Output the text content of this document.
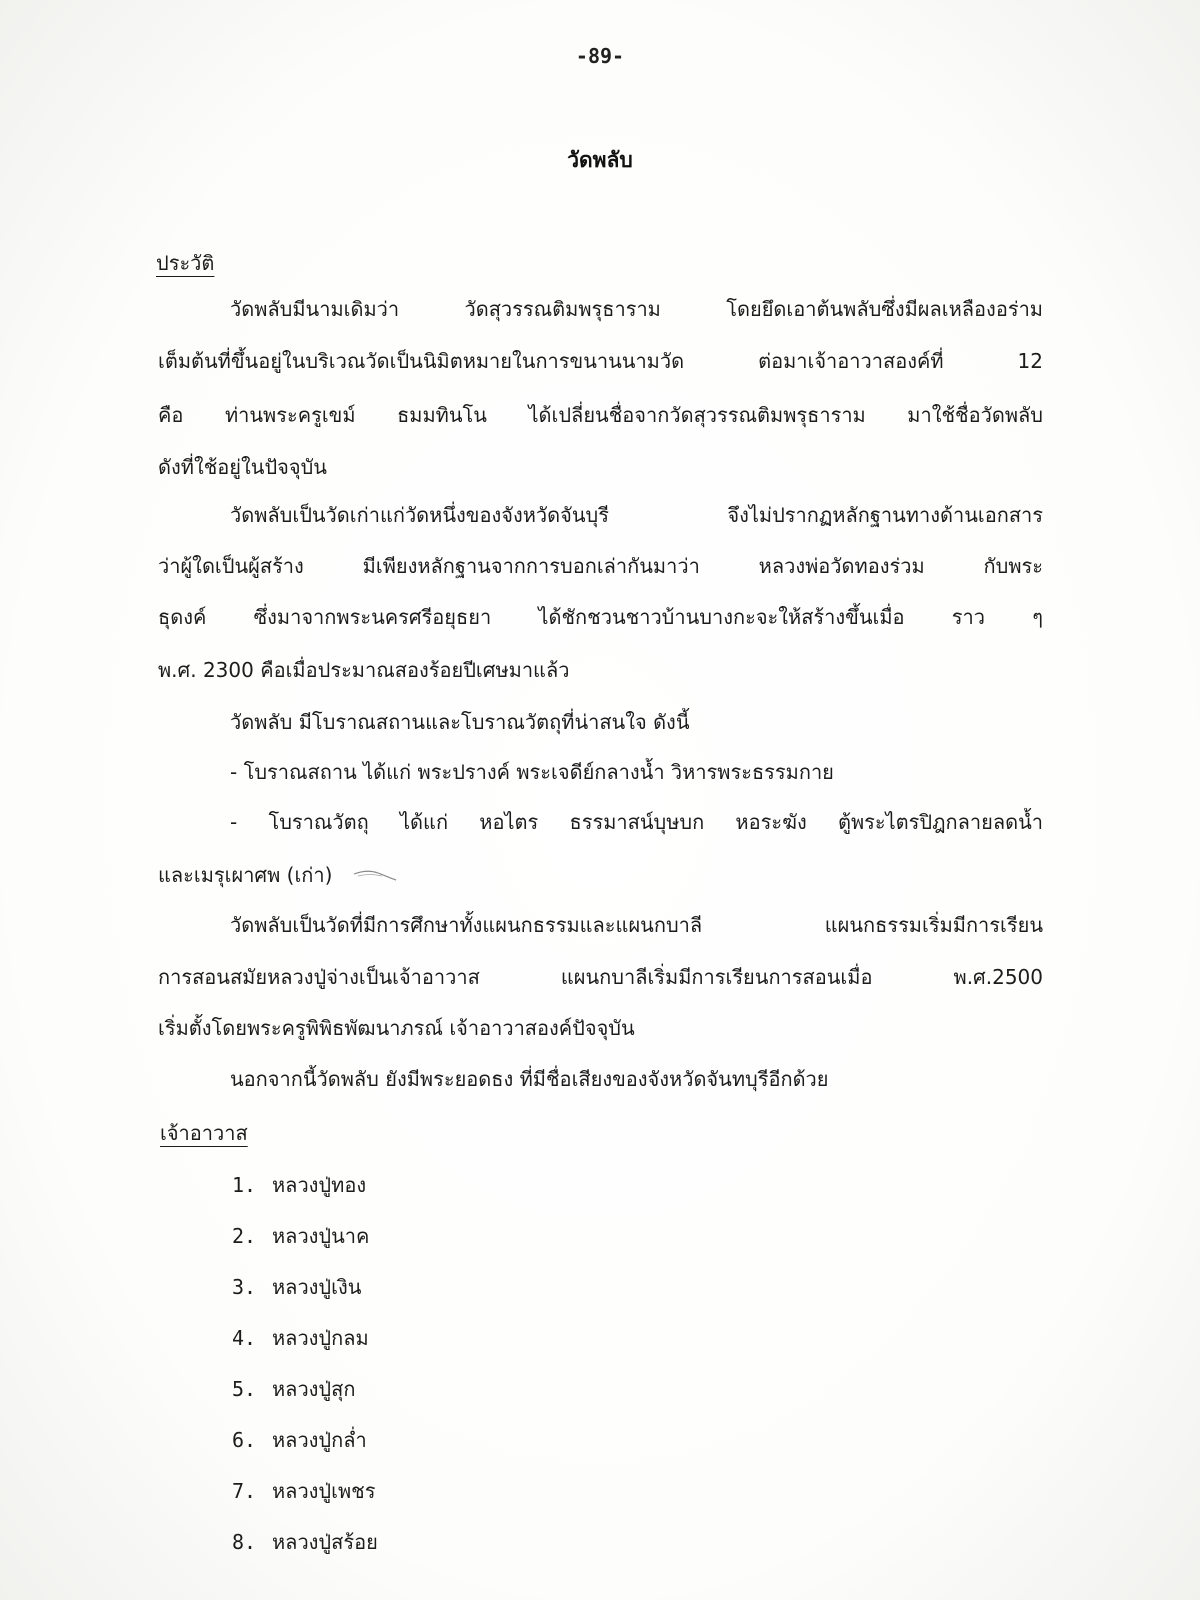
-89-
วัดพลับ
ประวัติ
วัดพลับมีนามเดิมว่า วัดสุวรรณติมพรุธาราม โดยยึดเอาต้นพลับซึ่งมีผลเหลืองอร่าม
เต็มต้นที่ขึ้นอยู่ในบริเวณวัดเป็นนิมิตหมายในการขนานนามวัด ต่อมาเจ้าอาวาสองค์ที่ 12
คือ ท่านพระครูเขม์ ธมมทินโน ได้เปลี่ยนชื่อจากวัดสุวรรณติมพรุธาราม มาใช้ชื่อวัดพลับ
ดังที่ใช้อยู่ในปัจจุบัน
วัดพลับเป็นวัดเก่าแก่วัดหนึ่งของจังหวัดจันบุรี จึงไม่ปรากฏหลักฐานทางด้านเอกสาร
ว่าผู้ใดเป็นผู้สร้าง มีเพียงหลักฐานจากการบอกเล่ากันมาว่า หลวงพ่อวัดทองร่วม กับพระ
ธุดงค์ ซึ่งมาจากพระนครศรีอยุธยา ได้ชักชวนชาวบ้านบางกะจะให้สร้างขึ้นเมื่อ ราว ๆ
พ.ศ. 2300 คือเมื่อประมาณสองร้อยปีเศษมาแล้ว
วัดพลับ มีโบราณสถานและโบราณวัตถุที่น่าสนใจ ดังนี้
- โบราณสถาน ได้แก่ พระปรางค์ พระเจดีย์กลางน้ำ วิหารพระธรรมกาย
- โบราณวัตถุ ได้แก่ หอไตร ธรรมาสน์บุษบก หอระฆัง ตู้พระไตรปิฎกลายลดน้ำ
และเมรุเผาศพ (เก่า)
วัดพลับเป็นวัดที่มีการศึกษาทั้งแผนกธรรมและแผนกบาลี แผนกธรรมเริ่มมีการเรียน
การสอนสมัยหลวงปู่จ่างเป็นเจ้าอาวาส แผนกบาลีเริ่มมีการเรียนการสอนเมื่อ พ.ศ.2500
เริ่มตั้งโดยพระครูพิพิธพัฒนาภรณ์ เจ้าอาวาสองค์ปัจจุบัน
นอกจากนี้วัดพลับ ยังมีพระยอดธง ที่มีชื่อเสียงของจังหวัดจันทบุรีอีกด้วย
เจ้าอาวาส
1. หลวงปู่ทอง
2. หลวงปู่นาค
3. หลวงปู่เงิน
4. หลวงปู่กลม
5. หลวงปู่สุก
6. หลวงปู่กล่ำ
7. หลวงปู่เพชร
8. หลวงปู่สร้อย
